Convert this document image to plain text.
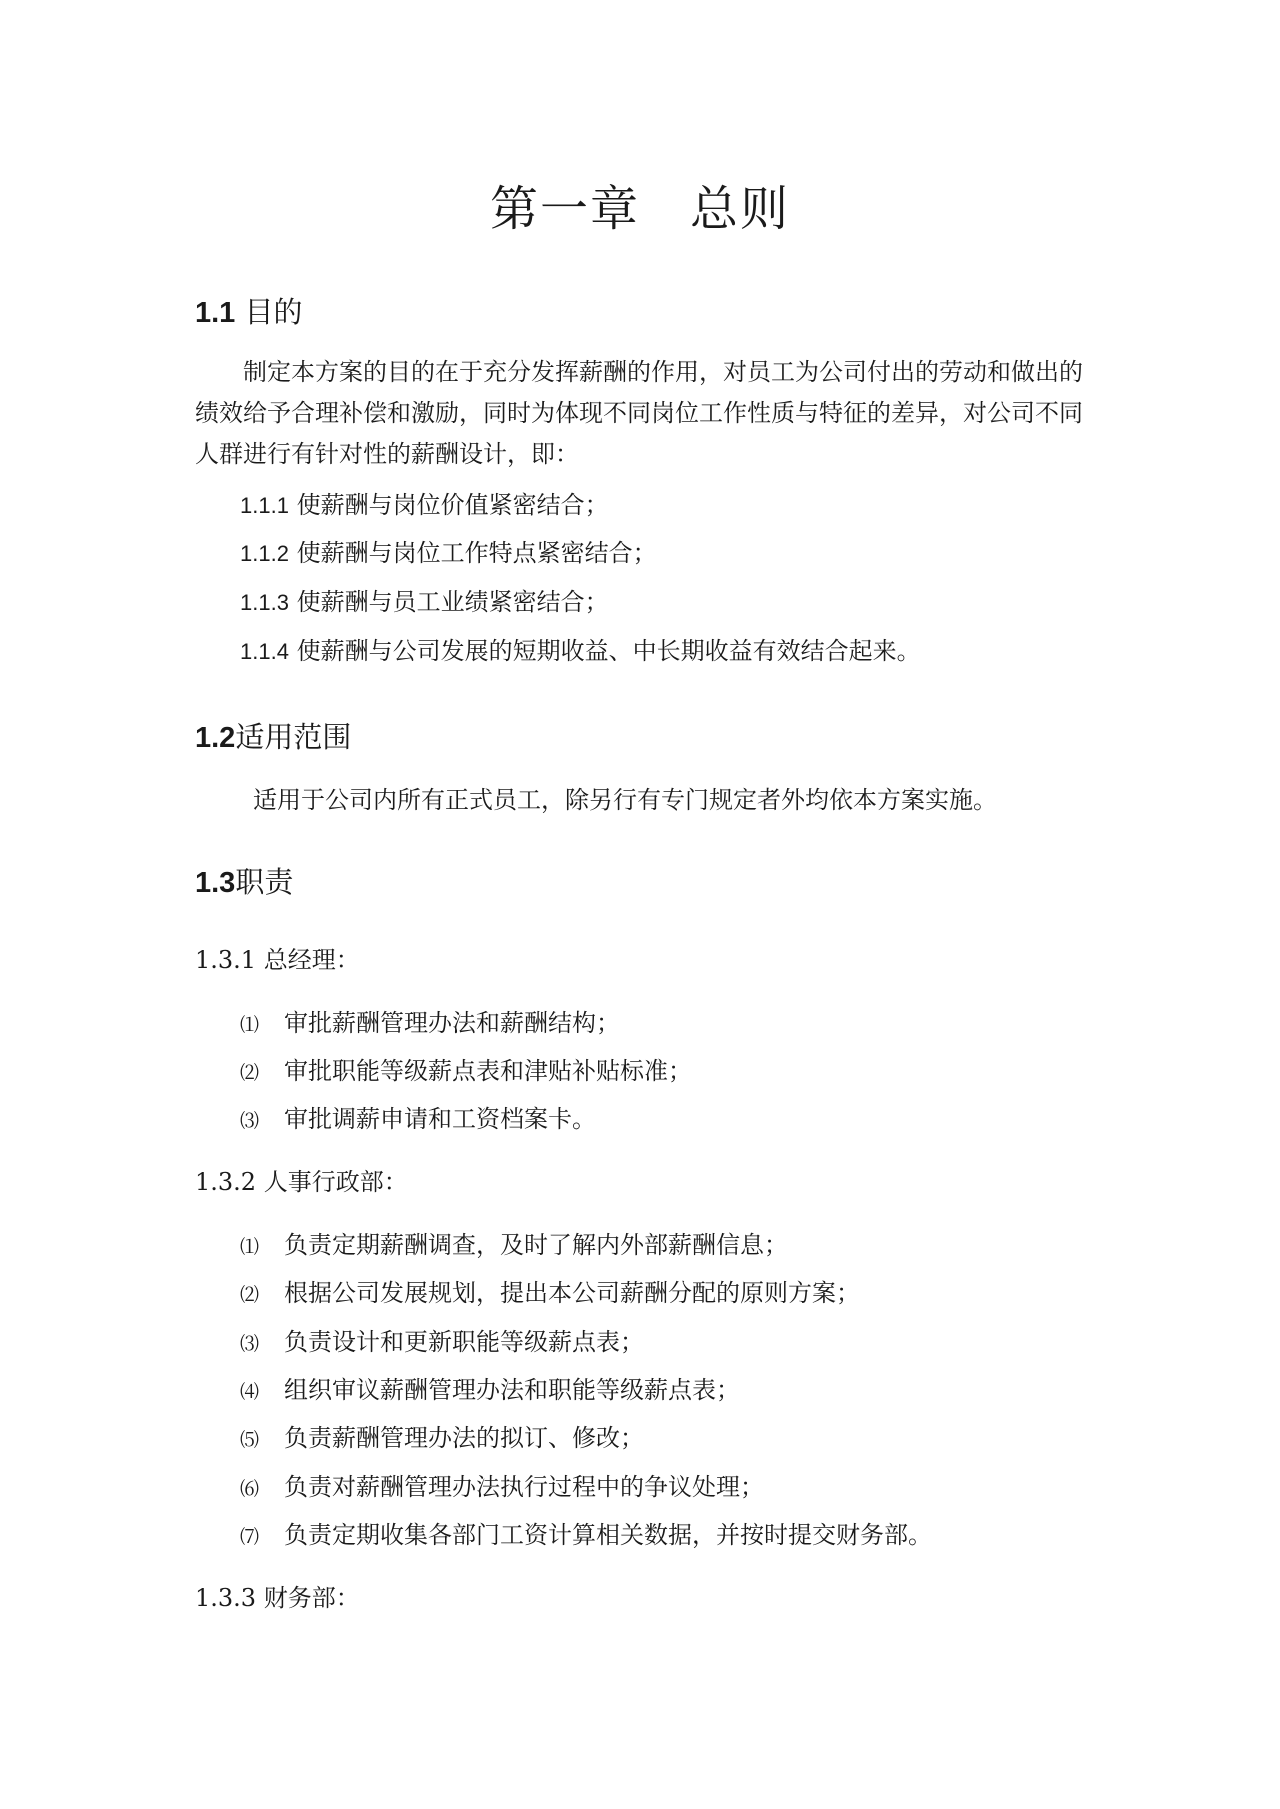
第一章　总则
1.1 目的

制定本方案的目的在于充分发挥薪酬的作用，对员工为公司付出的劳动和做出的绩效给予合理补偿和激励，同时为体现不同岗位工作性质与特征的差异，对公司不同人群进行有针对性的薪酬设计，即：

1.1.1 使薪酬与岗位价值紧密结合；

1.1.2 使薪酬与岗位工作特点紧密结合；

1.1.3 使薪酬与员工业绩紧密结合；

1.1.4 使薪酬与公司发展的短期收益、中长期收益有效结合起来。

1.2适用范围

适用于公司内所有正式员工，除另行有专门规定者外均依本方案实施。

1.3职责

1.3.1 总经理：

⑴ 审批薪酬管理办法和薪酬结构；

⑵ 审批职能等级薪点表和津贴补贴标准；

⑶ 审批调薪申请和工资档案卡。

1.3.2 人事行政部：

⑴ 负责定期薪酬调查，及时了解内外部薪酬信息；

⑵ 根据公司发展规划，提出本公司薪酬分配的原则方案；

⑶ 负责设计和更新职能等级薪点表；

⑷ 组织审议薪酬管理办法和职能等级薪点表；

⑸ 负责薪酬管理办法的拟订、修改；

⑹ 负责对薪酬管理办法执行过程中的争议处理；

⑺ 负责定期收集各部门工资计算相关数据，并按时提交财务部。

1.3.3 财务部：
